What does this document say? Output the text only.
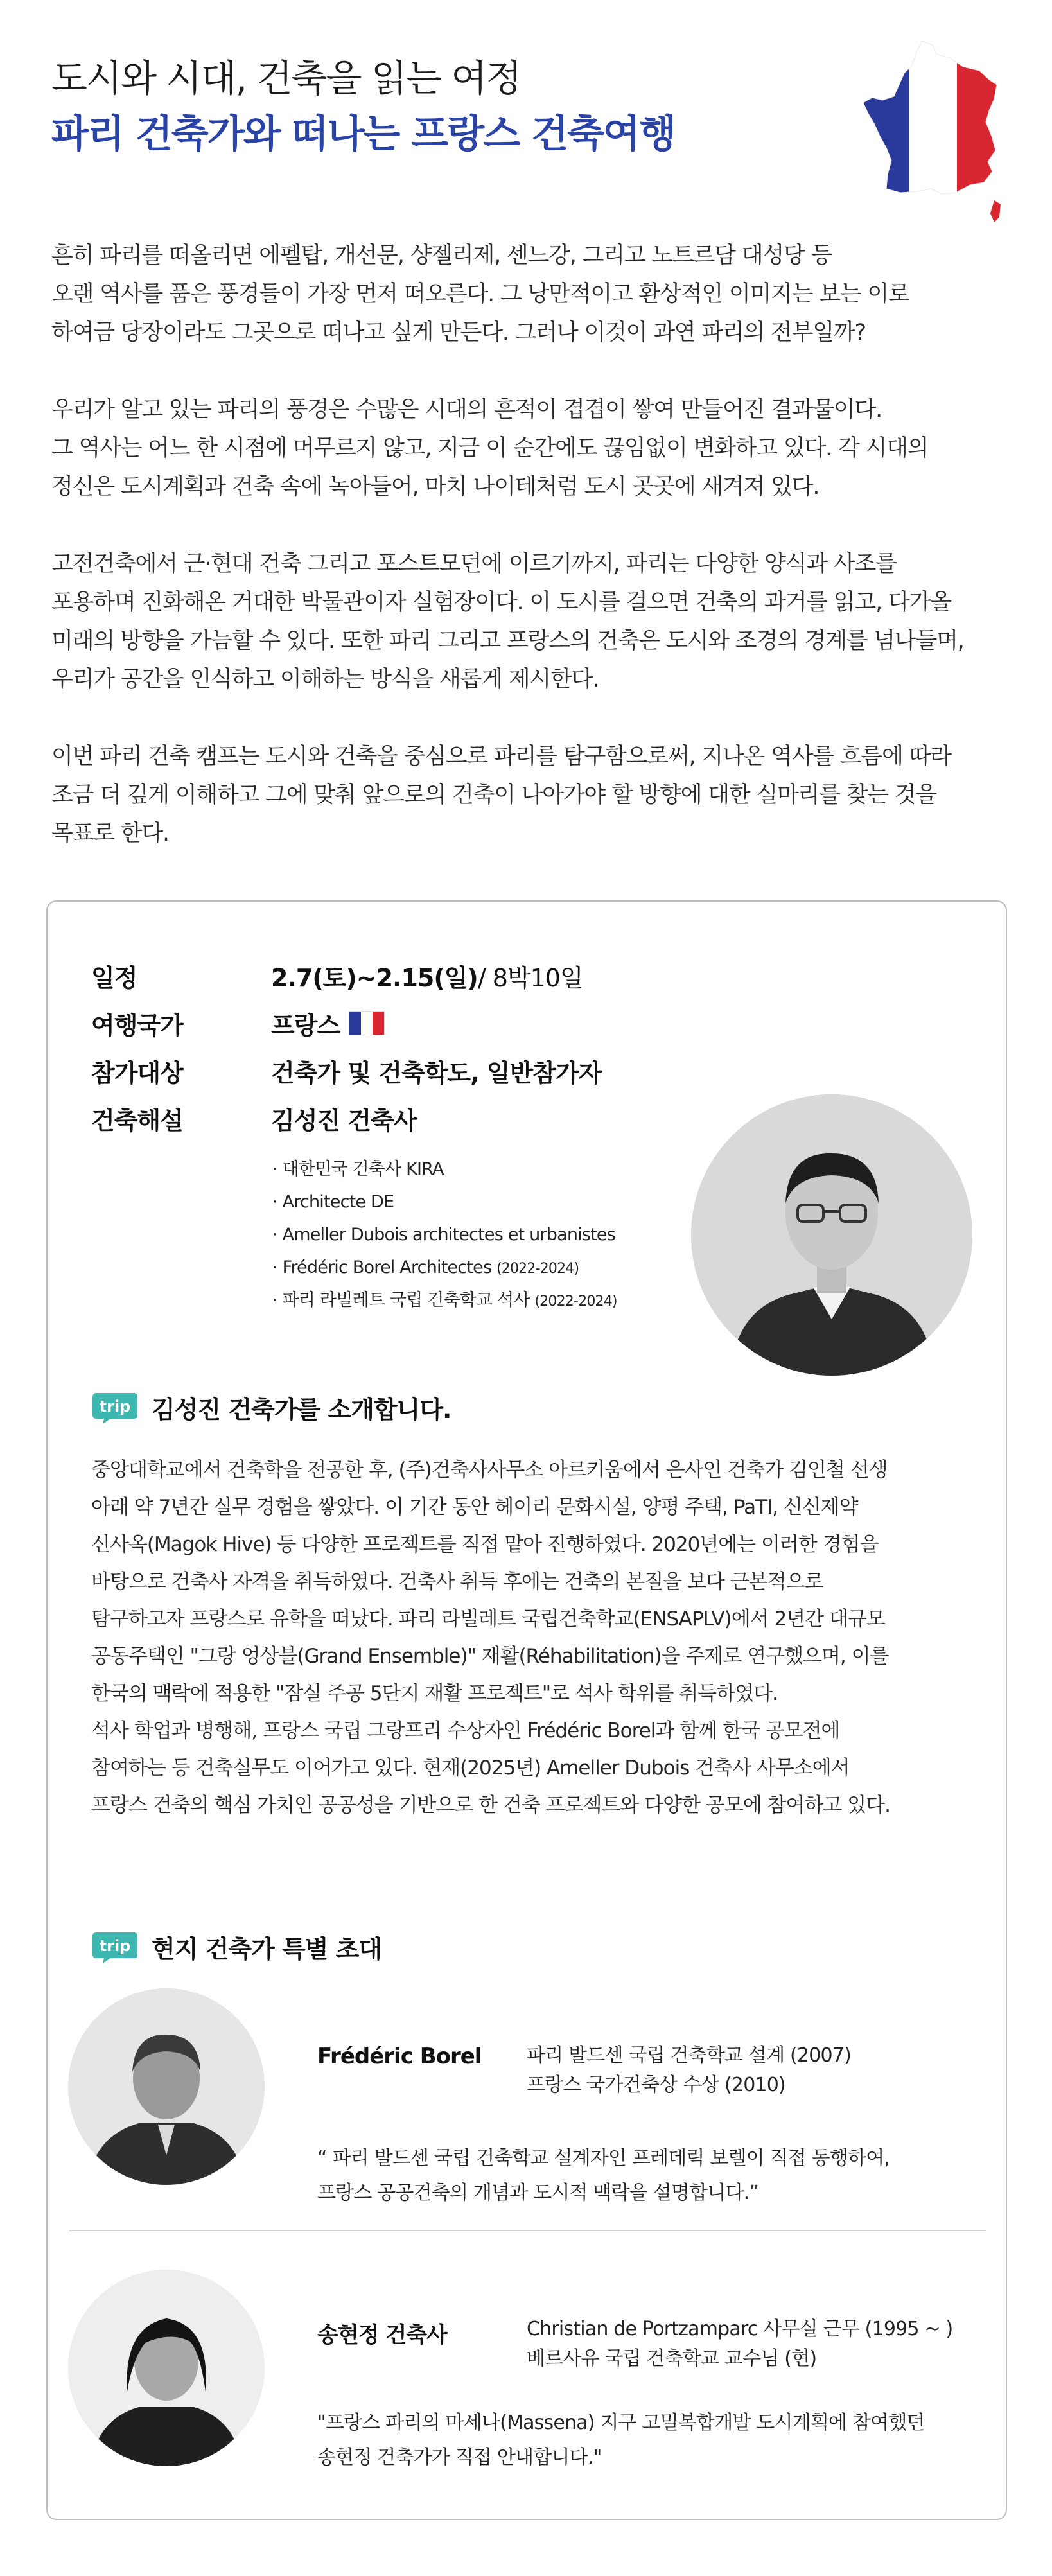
도시와 시대, 건축을 읽는 여정
파리 건축가와 떠나는 프랑스 건축여행

흔히 파리를 떠올리면 에펠탑, 개선문, 샹젤리제, 센느강, 그리고 노트르담 대성당 등
오랜 역사를 품은 풍경들이 가장 먼저 떠오른다. 그 낭만적이고 환상적인 이미지는 보는 이로
하여금 당장이라도 그곳으로 떠나고 싶게 만든다. 그러나 이것이 과연 파리의 전부일까?

우리가 알고 있는 파리의 풍경은 수많은 시대의 흔적이 겹겹이 쌓여 만들어진 결과물이다.
그 역사는 어느 한 시점에 머무르지 않고, 지금 이 순간에도 끊임없이 변화하고 있다. 각 시대의
정신은 도시계획과 건축 속에 녹아들어, 마치 나이테처럼 도시 곳곳에 새겨져 있다.

고전건축에서 근·현대 건축 그리고 포스트모던에 이르기까지, 파리는 다양한 양식과 사조를
포용하며 진화해온 거대한 박물관이자 실험장이다. 이 도시를 걸으면 건축의 과거를 읽고, 다가올
미래의 방향을 가늠할 수 있다. 또한 파리 그리고 프랑스의 건축은 도시와 조경의 경계를 넘나들며,
우리가 공간을 인식하고 이해하는 방식을 새롭게 제시한다.

이번 파리 건축 캠프는 도시와 건축을 중심으로 파리를 탐구함으로써, 지나온 역사를 흐름에 따라
조금 더 깊게 이해하고 그에 맞춰 앞으로의 건축이 나아가야 할 방향에 대한 실마리를 찾는 것을
목표로 한다.

일정	2.7(토)~2.15(일) / 8박10일
여행국가	프랑스
참가대상	건축가 및 건축학도, 일반참가자
건축해설	김성진 건축사
· 대한민국 건축사 KIRA
· Architecte DE
· Ameller Dubois architectes et urbanistes
· Frédéric Borel Architectes (2022-2024)
· 파리 라빌레트 국립 건축학교 석사 (2022-2024)
trip 김성진 건축가를 소개합니다.
중앙대학교에서 건축학을 전공한 후, (주)건축사사무소 아르키움에서 은사인 건축가 김인철 선생
아래 약 7년간 실무 경험을 쌓았다. 이 기간 동안 헤이리 문화시설, 양평 주택, PaTI, 신신제약
신사옥(Magok Hive) 등 다양한 프로젝트를 직접 맡아 진행하였다. 2020년에는 이러한 경험을
바탕으로 건축사 자격을 취득하였다. 건축사 취득 후에는 건축의 본질을 보다 근본적으로
탐구하고자 프랑스로 유학을 떠났다. 파리 라빌레트 국립건축학교(ENSAPLV)에서 2년간 대규모
공동주택인 "그랑 엉상블(Grand Ensemble)" 재활(Réhabilitation)을 주제로 연구했으며, 이를
한국의 맥락에 적용한 "잠실 주공 5단지 재활 프로젝트"로 석사 학위를 취득하였다.
석사 학업과 병행해, 프랑스 국립 그랑프리 수상자인 Frédéric Borel과 함께 한국 공모전에
참여하는 등 건축실무도 이어가고 있다. 현재(2025년) Ameller Dubois 건축사 사무소에서
프랑스 건축의 핵심 가치인 공공성을 기반으로 한 건축 프로젝트와 다양한 공모에 참여하고 있다.
trip 현지 건축가 특별 초대
Frédéric Borel 파리 발드센 국립 건축학교 설계 (2007)
프랑스 국가건축상 수상 (2010)
“ 파리 발드센 국립 건축학교 설계자인 프레데릭 보렐이 직접 동행하여,
프랑스 공공건축의 개념과 도시적 맥락을 설명합니다.”
송현정 건축사	Christian de Portzamparc 사무실 근무 (1995 ~ )
베르사유 국립 건축학교 교수님 (현)
"프랑스 파리의 마세나(Massena) 지구 고밀복합개발 도시계획에 참여했던
송현정 건축가가 직접 안내합니다."
